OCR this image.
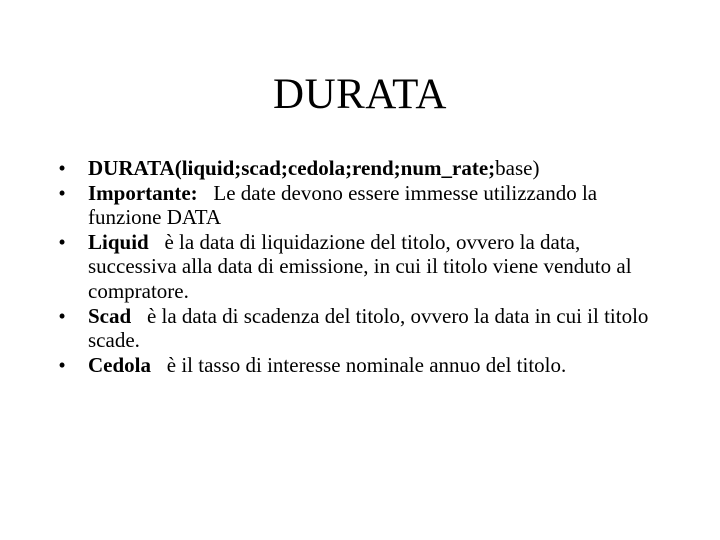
DURATA
• DURATA(liquid;scad;cedola;rend;num_rate;base)
• Importante:   Le date devono essere immesse utilizzando la funzione DATA
• Liquid   è la data di liquidazione del titolo, ovvero la data, successiva alla data di emissione, in cui il titolo viene venduto al compratore.
• Scad   è la data di scadenza del titolo, ovvero la data in cui il titolo scade.
• Cedola   è il tasso di interesse nominale annuo del titolo.
